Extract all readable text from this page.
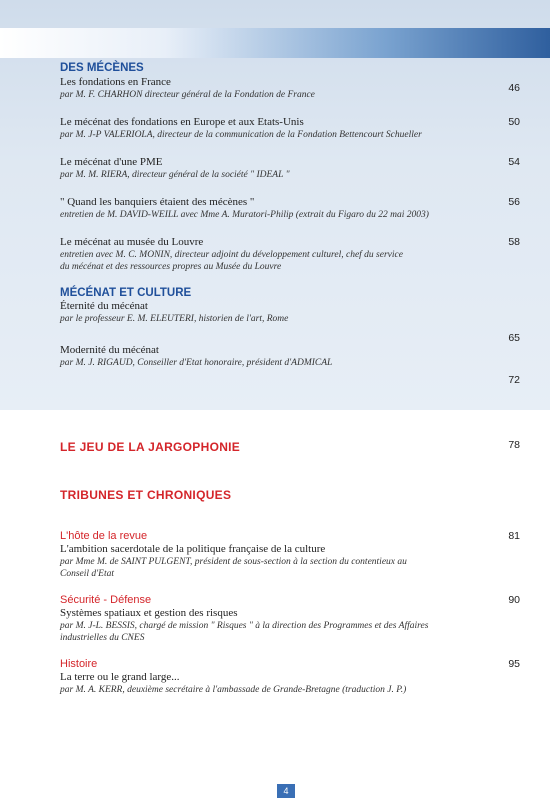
DES MÉCÈNES

Les fondations en France

par M. F. CHARHON directeur général de la Fondation de France

46

Le mécénat des fondations en Europe et aux Etats-Unis

par M. J-P VALERIOLA, directeur de la communication de la Fondation Bettencourt Schueller

50

Le mécénat d'une PME

par M. M. RIERA, directeur général de la société " IDEAL "

54

" Quand les banquiers étaient des mécènes "

entretien de M. DAVID-WEILL avec Mme A. Muratori-Philip (extrait du Figaro du 22 mai 2003)

56

Le mécénat au musée du Louvre

entretien avec M. C. MONIN, directeur adjoint du développement culturel, chef du service

du mécénat et des ressources propres au Musée du Louvre

58

MÉCÉNAT ET CULTURE

Éternité du mécénat

par le professeur E. M. ELEUTERI, historien de l'art, Rome

65

Modernité du mécénat

par M. J. RIGAUD, Conseiller d'Etat honoraire, président d'ADMICAL

72
LE JEU DE LA JARGOPHONIE	78
TRIBUNES ET CHRONIQUES

L'hôte de la revue

L'ambition sacerdotale de la politique française de la culture

par Mme M. de SAINT PULGENT, président de sous-section à la section du contentieux au

Conseil d'Etat

81

Sécurité - Défense

Systèmes spatiaux et gestion des risques

par M. J-L. BESSIS, chargé de mission " Risques " à la direction des Programmes et des Affaires

industrielles du CNES

90

Histoire

La terre ou le grand large...

par M. A. KERR, deuxième secrétaire à l'ambassade de Grande-Bretagne (traduction J. P.)

95
4
